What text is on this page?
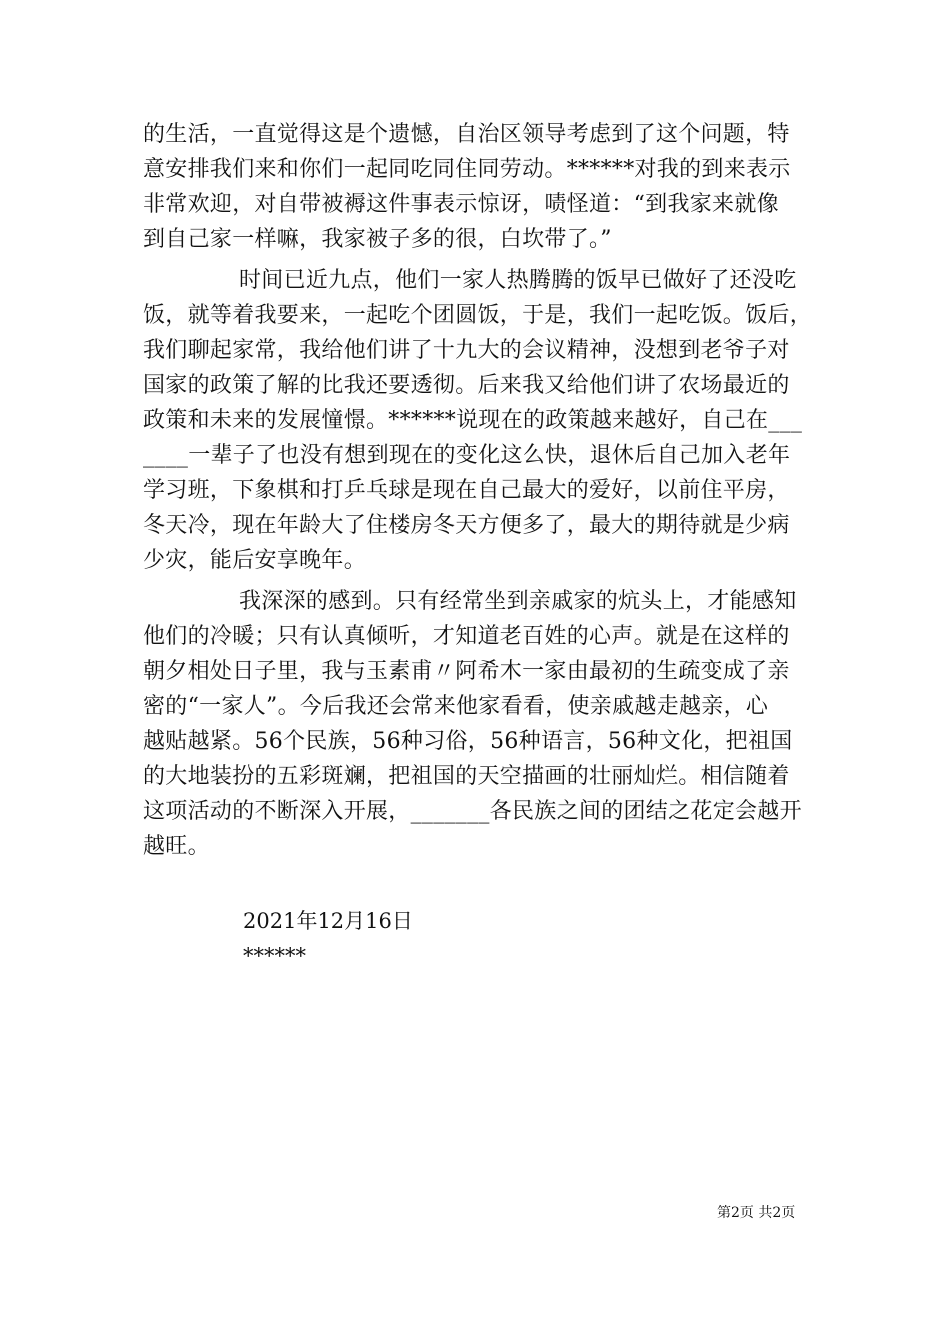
的生活，一直觉得这是个遗憾，自治区领导考虑到了这个问题，特
意安排我们来和你们一起同吃同住同劳动。******对我的到来表示
非常欢迎，对自带被褥这件事表示惊讶，啧怪道：“到我家来就像
到自己家一样嘛，我家被子多的很，白坎带了。”
时间已近九点，他们一家人热腾腾的饭早已做好了还没吃
饭，就等着我要来，一起吃个团圆饭，于是，我们一起吃饭。饭后，
我们聊起家常，我给他们讲了十九大的会议精神，没想到老爷子对
国家的政策了解的比我还要透彻。后来我又给他们讲了农场最近的
政策和未来的发展憧憬。******说现在的政策越来越好，自己在___
____一辈子了也没有想到现在的变化这么快，退休后自己加入老年
学习班，下象棋和打乒乓球是现在自己最大的爱好，以前住平房，
冬天冷，现在年龄大了住楼房冬天方便多了，最大的期待就是少病
少灾，能后安享晚年。
我深深的感到。只有经常坐到亲戚家的炕头上，才能感知
他们的冷暖；只有认真倾听，才知道老百姓的心声。就是在这样的
朝夕相处日子里，我与玉素甫〃阿希木一家由最初的生疏变成了亲
密的“一家人”。今后我还会常来他家看看，使亲戚越走越亲，心
越贴越紧。56个民族，56种习俗，56种语言，56种文化，把祖国
的大地装扮的五彩斑斓，把祖国的天空描画的壮丽灿烂。相信随着
这项活动的不断深入开展，_______各民族之间的团结之花定会越开
越旺。
2021年12月16日
******
第2页 共2页
